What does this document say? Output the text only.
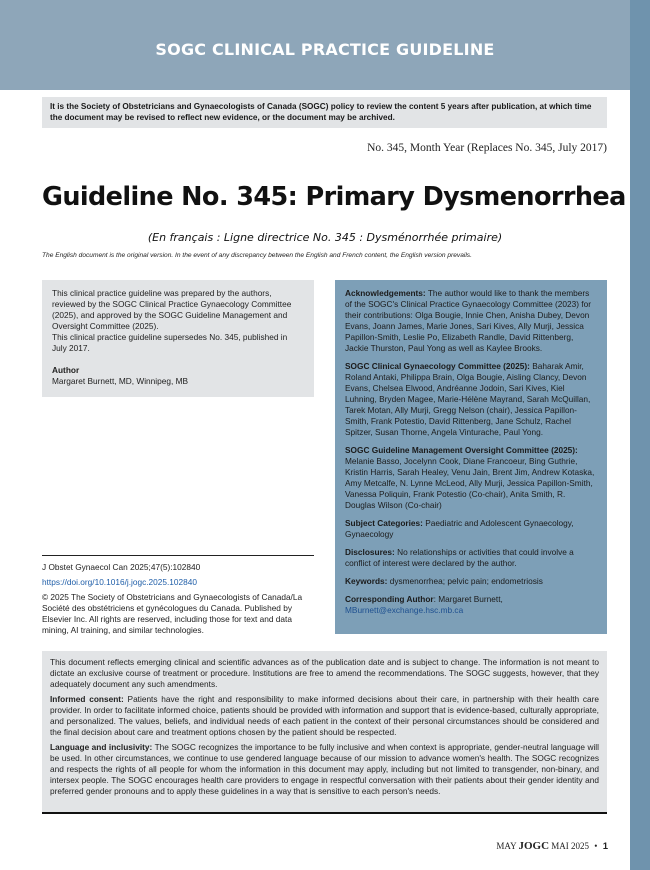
SOGC CLINICAL PRACTICE GUIDELINE
It is the Society of Obstetricians and Gynaecologists of Canada (SOGC) policy to review the content 5 years after publication, at which time the document may be revised to reflect new evidence, or the document may be archived.
No. 345, Month Year (Replaces No. 345, July 2017)
Guideline No. 345: Primary Dysmenorrhea
(En français : Ligne directrice No. 345 : Dysménorrhée primaire)
The English document is the original version. In the event of any discrepancy between the English and French content, the English version prevails.

This clinical practice guideline was prepared by the authors, reviewed by the SOGC Clinical Practice Gynaecology Committee (2025), and approved by the SOGC Guideline Management and Oversight Committee (2025).

This clinical practice guideline supersedes No. 345, published in July 2017.

Author

Margaret Burnett, MD, Winnipeg, MB

Acknowledgements: The author would like to thank the members of the SOGC's Clinical Practice Gynaecology Committee (2023) for their contributions: Olga Bougie, Innie Chen, Anisha Dubey, Devon Evans, Joann James, Marie Jones, Sari Kives, Ally Murji, Jessica Papillon-Smith, Leslie Po, Elizabeth Randle, David Rittenberg, Jackie Thurston, Paul Yong as well as Kaylee Brooks.

SOGC Clinical Gynaecology Committee (2025): Baharak Amir, Roland Antaki, Philippa Brain, Olga Bougie, Aisling Clancy, Devon Evans, Chelsea Elwood, Andréanne Jodoin, Sari Kives, Kiel Luhning, Bryden Magee, Marie-Hélène Mayrand, Sarah McQuillan, Tarek Motan, Ally Murji, Gregg Nelson (chair), Jessica Papillon-Smith, Frank Potestio, David Rittenberg, Jane Schulz, Rachel Spitzer, Susan Thorne, Angela Vinturache, Paul Yong.

SOGC Guideline Management Oversight Committee (2025): Melanie Basso, Jocelynn Cook, Diane Francoeur, Bing Guthrie, Kristin Harris, Sarah Healey, Venu Jain, Brent Jim, Andrew Kotaska, Amy Metcalfe, N. Lynne McLeod, Ally Murji, Jessica Papillon-Smith, Vanessa Poliquin, Frank Potestio (Co-chair), Anita Smith, R. Douglas Wilson (Co-chair)

Subject Categories: Paediatric and Adolescent Gynaecology, Gynaecology

Disclosures: No relationships or activities that could involve a conflict of interest were declared by the author.

Keywords: dysmenorrhea; pelvic pain; endometriosis

Corresponding Author: Margaret Burnett,
MBurnett@exchange.hsc.mb.ca

J Obstet Gynaecol Can 2025;47(5):102840

https://doi.org/10.1016/j.jogc.2025.102840

© 2025 The Society of Obstetricians and Gynaecologists of Canada/La Société des obstétriciens et gynécologues du Canada. Published by Elsevier Inc. All rights are reserved, including those for text and data mining, AI training, and similar technologies.

This document reflects emerging clinical and scientific advances as of the publication date and is subject to change. The information is not meant to dictate an exclusive course of treatment or procedure. Institutions are free to amend the recommendations. The SOGC suggests, however, that they adequately document any such amendments.

Informed consent: Patients have the right and responsibility to make informed decisions about their care, in partnership with their health care provider. In order to facilitate informed choice, patients should be provided with information and support that is evidence-based, culturally appropriate, and personalized. The values, beliefs, and individual needs of each patient in the context of their personal circumstances should be considered and the final decision about care and treatment options chosen by the patient should be respected.

Language and inclusivity: The SOGC recognizes the importance to be fully inclusive and when context is appropriate, gender-neutral language will be used. In other circumstances, we continue to use gendered language because of our mission to advance women's health. The SOGC recognizes and respects the rights of all people for whom the information in this document may apply, including but not limited to transgender, non-binary, and intersex people. The SOGC encourages health care providers to engage in respectful conversation with their patients about their gender identity and preferred gender pronouns and to apply these guidelines in a way that is sensitive to each person's needs.

MAY JOGC MAI 2025 • 1
